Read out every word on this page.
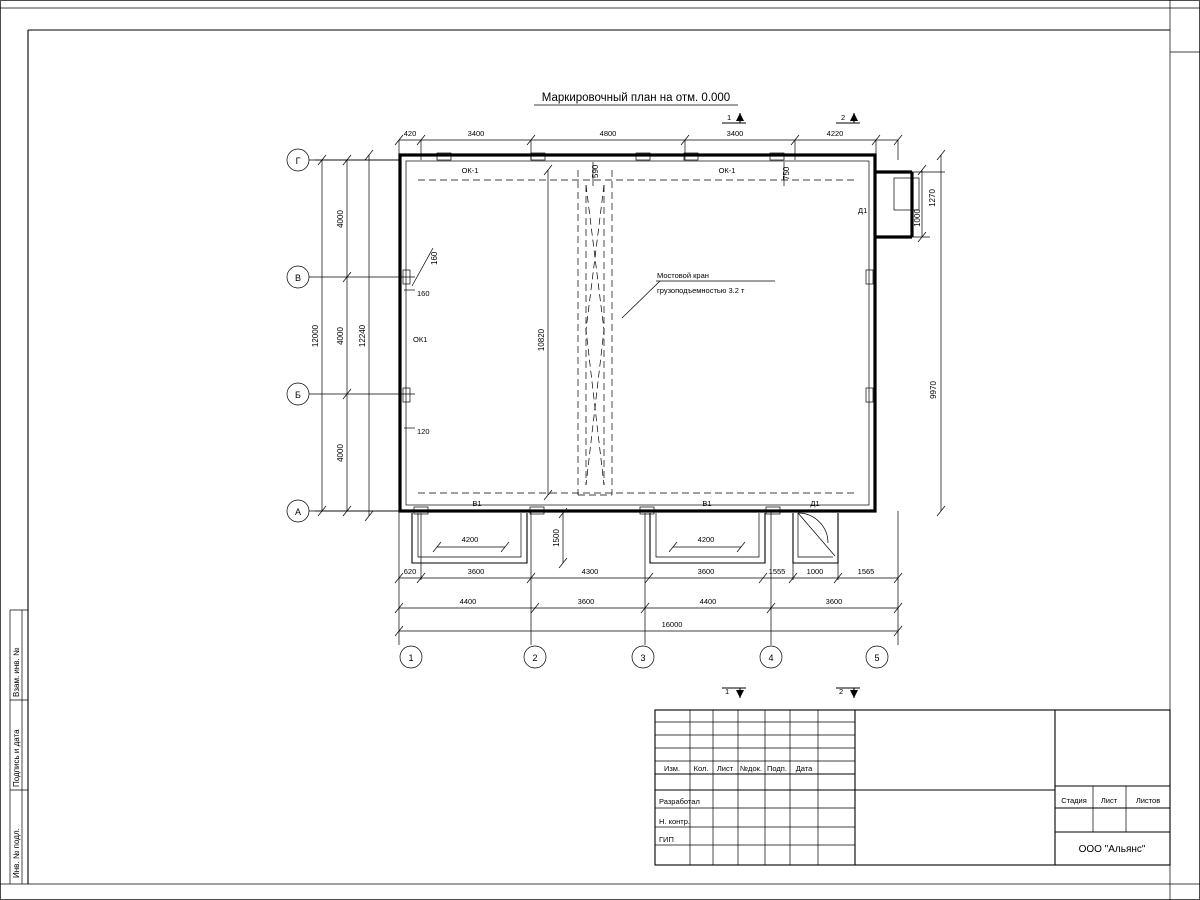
Взам. инв. №
Подпись и дата
Инв. № подл.
Маркировочный план на отм. 0.000
1	2
420	3400	4800	3400	4220
Г
В
Б
А
12000
4000
4000
4000
12240
ОК-1	ОК-1
590	750
160
160
120
ОК1
Д1
10820
Мостовой кран
грузоподъемностью 3.2 т
В1	В1	Д1
4200	4200
1500
9970
1000
1270
620	3600	4300	3600	1555	1000	1565
4400	3600	4400	3600
16000
1	2	3	4	5
1	2
Изм. Кол. Лист №док. Подп. Дата
Разработал
Н. контр.
ГИП
Стадия Лист Листов
ООО "Альянс"
